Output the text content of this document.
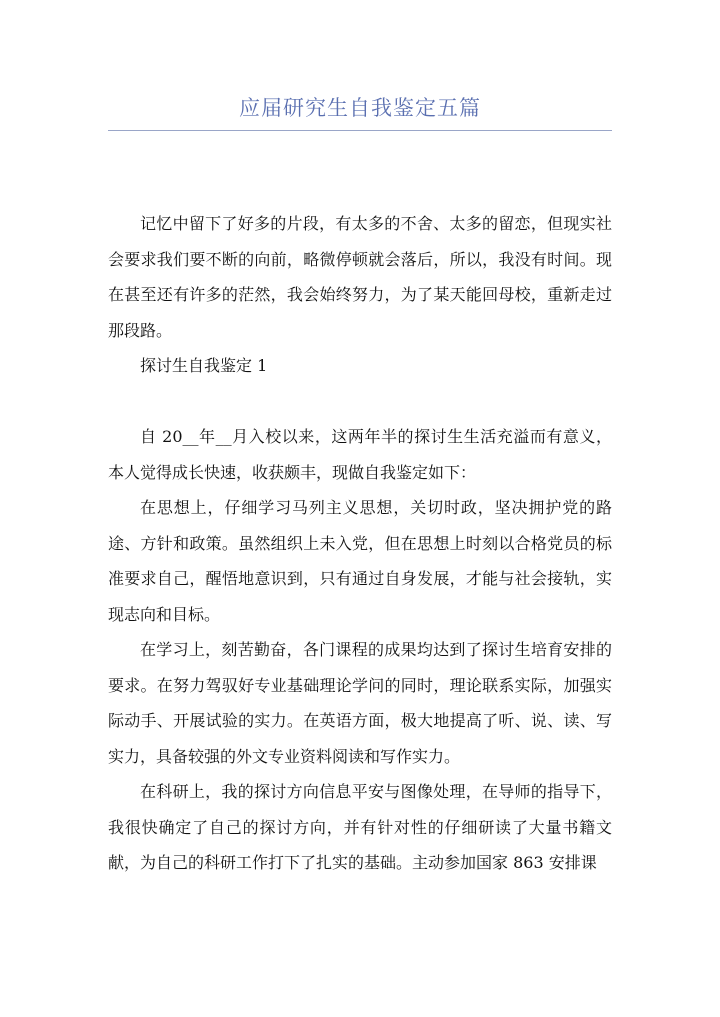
应届研究生自我鉴定五篇

记忆中留下了好多的片段，有太多的不舍、太多的留恋，但现实社会要求我们要不断的向前，略微停顿就会落后，所以，我没有时间。现在甚至还有许多的茫然，我会始终努力，为了某天能回母校，重新走过那段路。

探讨生自我鉴定 1

自 20__年__月入校以来，这两年半的探讨生生活充溢而有意义，本人觉得成长快速，收获颇丰，现做自我鉴定如下：

在思想上，仔细学习马列主义思想，关切时政，坚决拥护党的路途、方针和政策。虽然组织上未入党，但在思想上时刻以合格党员的标准要求自己，醒悟地意识到，只有通过自身发展，才能与社会接轨，实现志向和目标。

在学习上，刻苦勤奋，各门课程的成果均达到了探讨生培育安排的要求。在努力驾驭好专业基础理论学问的同时，理论联系实际，加强实际动手、开展试验的实力。在英语方面，极大地提高了听、说、读、写实力，具备较强的外文专业资料阅读和写作实力。

在科研上，我的探讨方向信息平安与图像处理，在导师的指导下，我很快确定了自己的探讨方向，并有针对性的仔细研读了大量书籍文献，为自己的科研工作打下了扎实的基础。主动参加国家 863 安排课
